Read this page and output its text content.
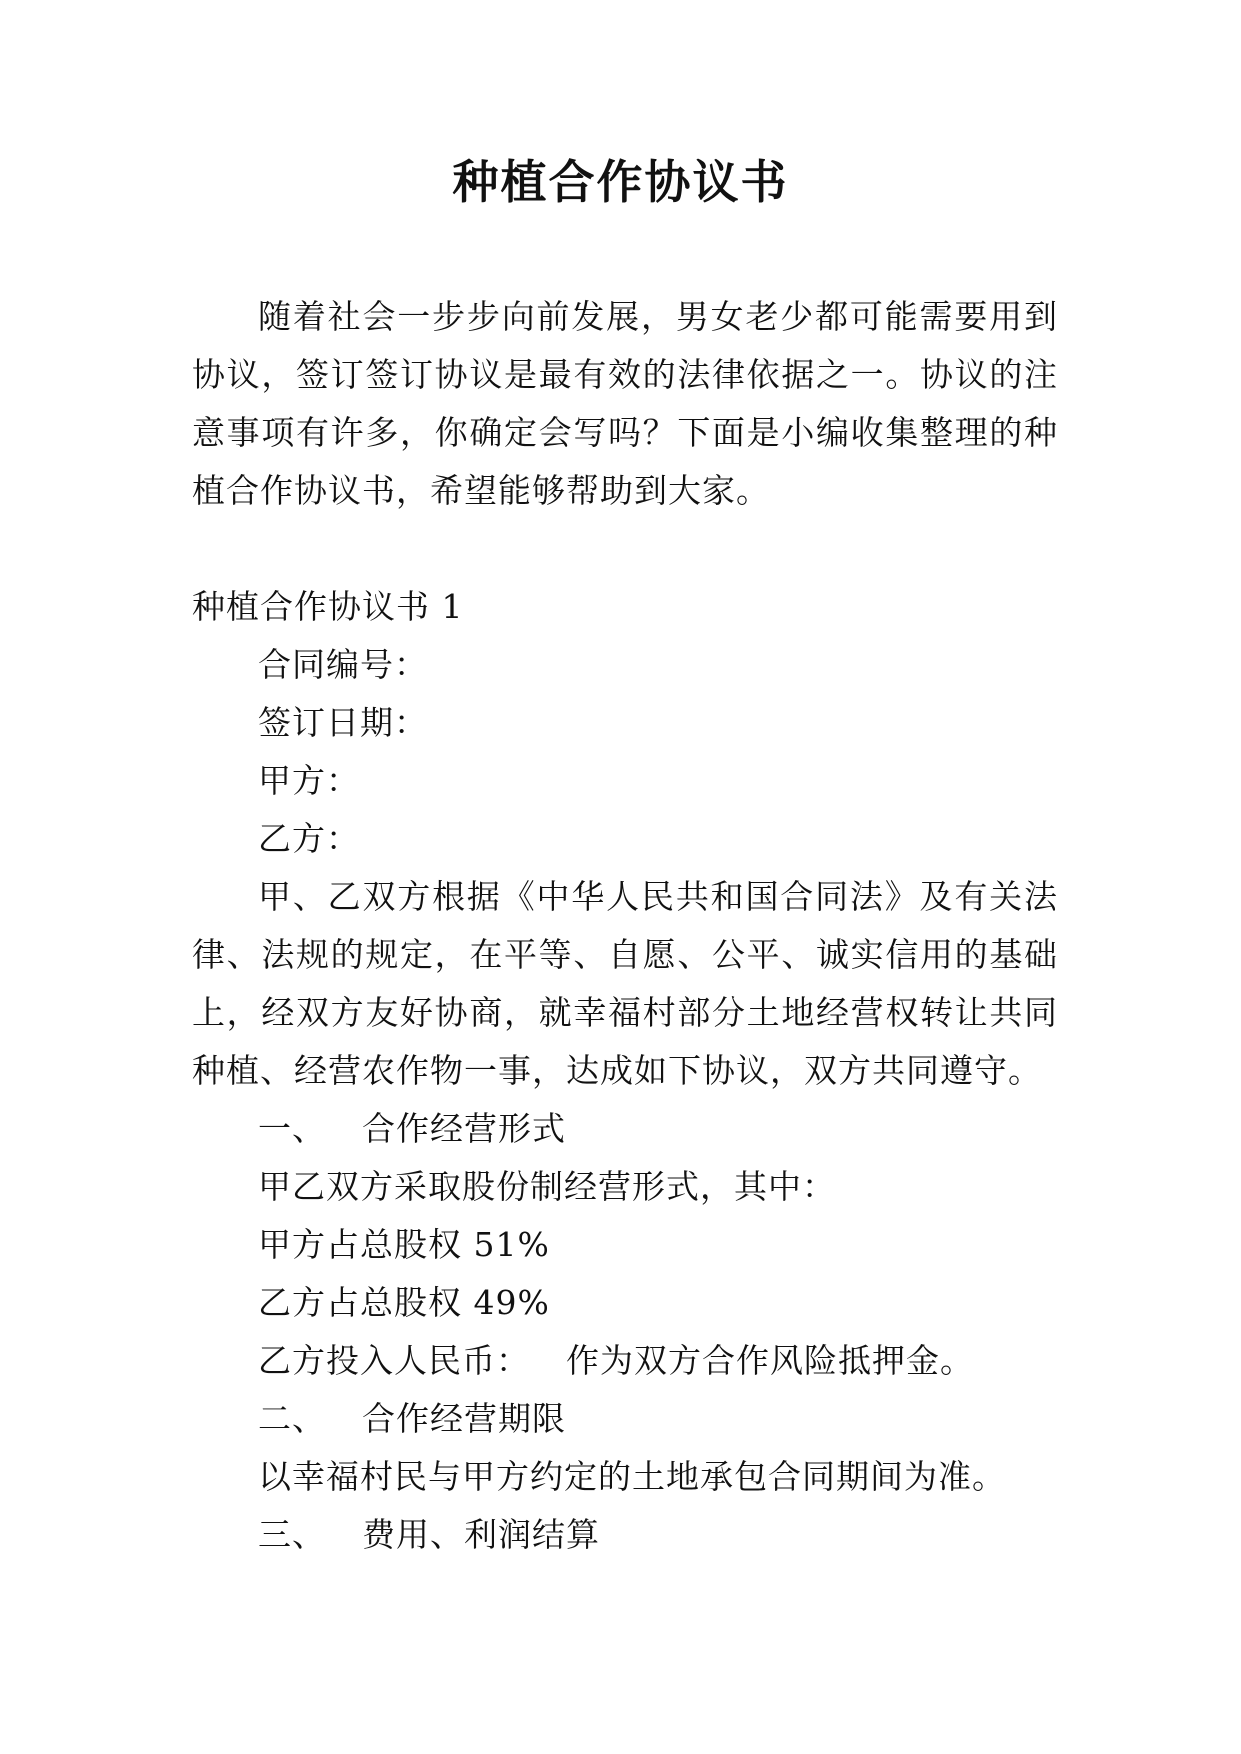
种植合作协议书

随着社会一步步向前发展，男女老少都可能需要用到协议，签订签订协议是最有效的法律依据之一。协议的注意事项有许多，你确定会写吗？下面是小编收集整理的种植合作协议书，希望能够帮助到大家。

种植合作协议书 1

合同编号：

签订日期：

甲方：

乙方：

甲、乙双方根据《中华人民共和国合同法》及有关法律、法规的规定，在平等、自愿、公平、诚实信用的基础上，经双方友好协商，就幸福村部分土地经营权转让共同种植、经营农作物一事，达成如下协议，双方共同遵守。

一、 合作经营形式

甲乙双方采取股份制经营形式，其中：

甲方占总股权 51%

乙方占总股权 49%

乙方投入人民币： 作为双方合作风险抵押金。

二、 合作经营期限

以幸福村民与甲方约定的土地承包合同期间为准。

三、 费用、利润结算
